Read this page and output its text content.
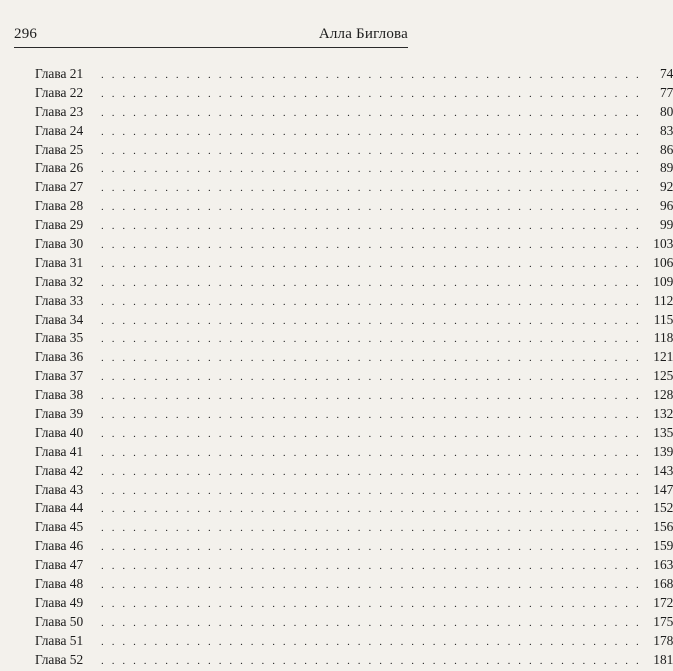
296	Алла Биглова
Глава 21	. . . . . . . . . . . . . . . . . . . . . . . . . . . . . . . . . . . . . . . . . . . . . . . . . . .	74
Глава 22	. . . . . . . . . . . . . . . . . . . . . . . . . . . . . . . . . . . . . . . . . . . . . . . . . . .	77
Глава 23	. . . . . . . . . . . . . . . . . . . . . . . . . . . . . . . . . . . . . . . . . . . . . . . . . . .	80
Глава 24	. . . . . . . . . . . . . . . . . . . . . . . . . . . . . . . . . . . . . . . . . . . . . . . . . . .	83
Глава 25	. . . . . . . . . . . . . . . . . . . . . . . . . . . . . . . . . . . . . . . . . . . . . . . . . . .	86
Глава 26	. . . . . . . . . . . . . . . . . . . . . . . . . . . . . . . . . . . . . . . . . . . . . . . . . . .	89
Глава 27	. . . . . . . . . . . . . . . . . . . . . . . . . . . . . . . . . . . . . . . . . . . . . . . . . . .	92
Глава 28	. . . . . . . . . . . . . . . . . . . . . . . . . . . . . . . . . . . . . . . . . . . . . . . . . . .	96
Глава 29	. . . . . . . . . . . . . . . . . . . . . . . . . . . . . . . . . . . . . . . . . . . . . . . . . . .	99
Глава 30	. . . . . . . . . . . . . . . . . . . . . . . . . . . . . . . . . . . . . . . . . . . . . . . . . . . 103
Глава 31	. . . . . . . . . . . . . . . . . . . . . . . . . . . . . . . . . . . . . . . . . . . . . . . . . . . 106
Глава 32	. . . . . . . . . . . . . . . . . . . . . . . . . . . . . . . . . . . . . . . . . . . . . . . . . . . 109
Глава 33	. . . . . . . . . . . . . . . . . . . . . . . . . . . . . . . . . . . . . . . . . . . . . . . . . . . 112
Глава 34	. . . . . . . . . . . . . . . . . . . . . . . . . . . . . . . . . . . . . . . . . . . . . . . . . . . 115
Глава 35	. . . . . . . . . . . . . . . . . . . . . . . . . . . . . . . . . . . . . . . . . . . . . . . . . . . 118
Глава 36	. . . . . . . . . . . . . . . . . . . . . . . . . . . . . . . . . . . . . . . . . . . . . . . . . . . 121
Глава 37	. . . . . . . . . . . . . . . . . . . . . . . . . . . . . . . . . . . . . . . . . . . . . . . . . . . 125
Глава 38	. . . . . . . . . . . . . . . . . . . . . . . . . . . . . . . . . . . . . . . . . . . . . . . . . . . 128
Глава 39	. . . . . . . . . . . . . . . . . . . . . . . . . . . . . . . . . . . . . . . . . . . . . . . . . . . 132
Глава 40	. . . . . . . . . . . . . . . . . . . . . . . . . . . . . . . . . . . . . . . . . . . . . . . . . . . 135
Глава 41	. . . . . . . . . . . . . . . . . . . . . . . . . . . . . . . . . . . . . . . . . . . . . . . . . . . 139
Глава 42	. . . . . . . . . . . . . . . . . . . . . . . . . . . . . . . . . . . . . . . . . . . . . . . . . . . 143
Глава 43	. . . . . . . . . . . . . . . . . . . . . . . . . . . . . . . . . . . . . . . . . . . . . . . . . . . 147
Глава 44	. . . . . . . . . . . . . . . . . . . . . . . . . . . . . . . . . . . . . . . . . . . . . . . . . . . 152
Глава 45	. . . . . . . . . . . . . . . . . . . . . . . . . . . . . . . . . . . . . . . . . . . . . . . . . . . 156
Глава 46	. . . . . . . . . . . . . . . . . . . . . . . . . . . . . . . . . . . . . . . . . . . . . . . . . . . 159
Глава 47	. . . . . . . . . . . . . . . . . . . . . . . . . . . . . . . . . . . . . . . . . . . . . . . . . . . 163
Глава 48	. . . . . . . . . . . . . . . . . . . . . . . . . . . . . . . . . . . . . . . . . . . . . . . . . . . 168
Глава 49	. . . . . . . . . . . . . . . . . . . . . . . . . . . . . . . . . . . . . . . . . . . . . . . . . . . 172
Глава 50	. . . . . . . . . . . . . . . . . . . . . . . . . . . . . . . . . . . . . . . . . . . . . . . . . . . 175
Глава 51	. . . . . . . . . . . . . . . . . . . . . . . . . . . . . . . . . . . . . . . . . . . . . . . . . . . 178
Глава 52	. . . . . . . . . . . . . . . . . . . . . . . . . . . . . . . . . . . . . . . . . . . . . . . . . . . 181
